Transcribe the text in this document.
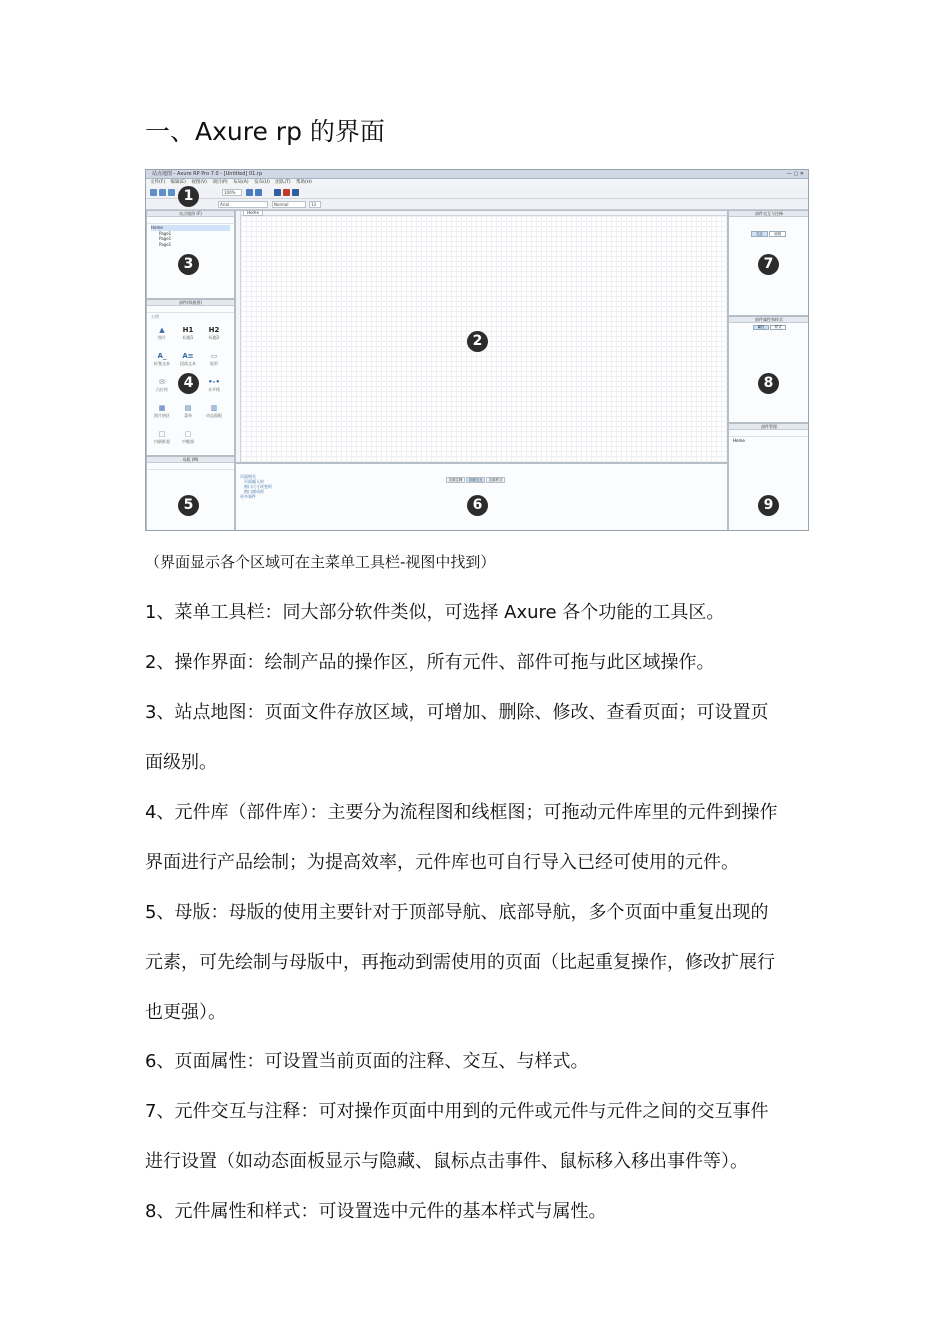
一、Axure rp 的界面
站点地图 - Axure RP Pro 7.0 - [Untitled] 01.rp	— ▢ ✕
文件(F) 编辑(E) 视图(V) 项目(P) 布局(A) 发布(U) 团队(T) 帮助(H)
100%
Arial	Normal	13
站点地图 (F)
Home
Page1
Page1
Page1
部件(线框图)
公用
▲
图片
H1
标题1
H2
标题2
A_
标签文本
A≡
段落文本
▭
矩形
✉
占位符
•-•
水平线
▦
图片热区
▤
菜单
▥
动态面板
□
内联框架
▢
中继器
母版 (M)
Home
页面注释 页面交互 页面样式
页面相关
页面载入时
窗口尺寸改变时
窗口滚动时
更多事件
部件交互与注释
交互	说明
部件属性和样式
属性	样式
部件管理
Home
1
2
3
4
5	6
7
8
9
（界面显示各个区域可在主菜单工具栏-视图中找到）
1、菜单工具栏：同大部分软件类似，可选择 Axure 各个功能的工具区。
2、操作界面：绘制产品的操作区，所有元件、部件可拖与此区域操作。
3、站点地图：页面文件存放区域，可增加、删除、修改、查看页面；可设置页
面级别。
4、元件库（部件库）：主要分为流程图和线框图；可拖动元件库里的元件到操作
界面进行产品绘制；为提高效率，元件库也可自行导入已经可使用的元件。
5、母版：母版的使用主要针对于顶部导航、底部导航，多个页面中重复出现的
元素，可先绘制与母版中，再拖动到需使用的页面（比起重复操作，修改扩展行
也更强）。
6、页面属性：可设置当前页面的注释、交互、与样式。
7、元件交互与注释：可对操作页面中用到的元件或元件与元件之间的交互事件
进行设置（如动态面板显示与隐藏、鼠标点击事件、鼠标移入移出事件等）。
8、元件属性和样式：可设置选中元件的基本样式与属性。
